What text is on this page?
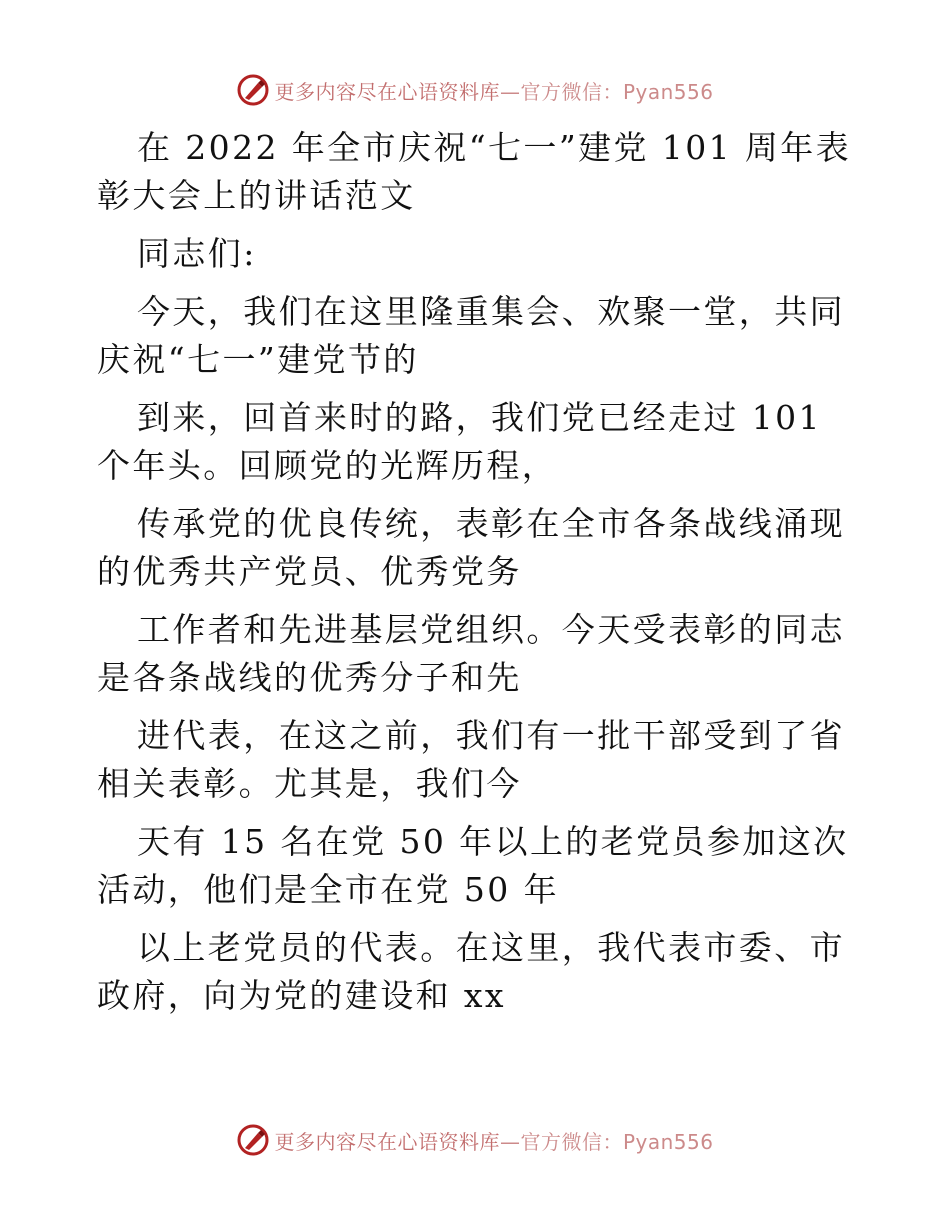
更多内容尽在心语资料库—官方微信：Pyan556

在 2022 年全市庆祝“七一”建党 101 周年表彰大会上的讲话范文

同志们:

今天，我们在这里隆重集会、欢聚一堂，共同庆祝“七一”建党节的

到来，回首来时的路，我们党已经走过 101 个年头。回顾党的光辉历程，

传承党的优良传统，表彰在全市各条战线涌现的优秀共产党员、优秀党务

工作者和先进基层党组织。今天受表彰的同志是各条战线的优秀分子和先

进代表，在这之前，我们有一批干部受到了省相关表彰。尤其是，我们今

天有 15 名在党 50 年以上的老党员参加这次活动，他们是全市在党 50 年

以上老党员的代表。在这里，我代表市委、市政府，向为党的建设和 xx

更多内容尽在心语资料库—官方微信：Pyan556
